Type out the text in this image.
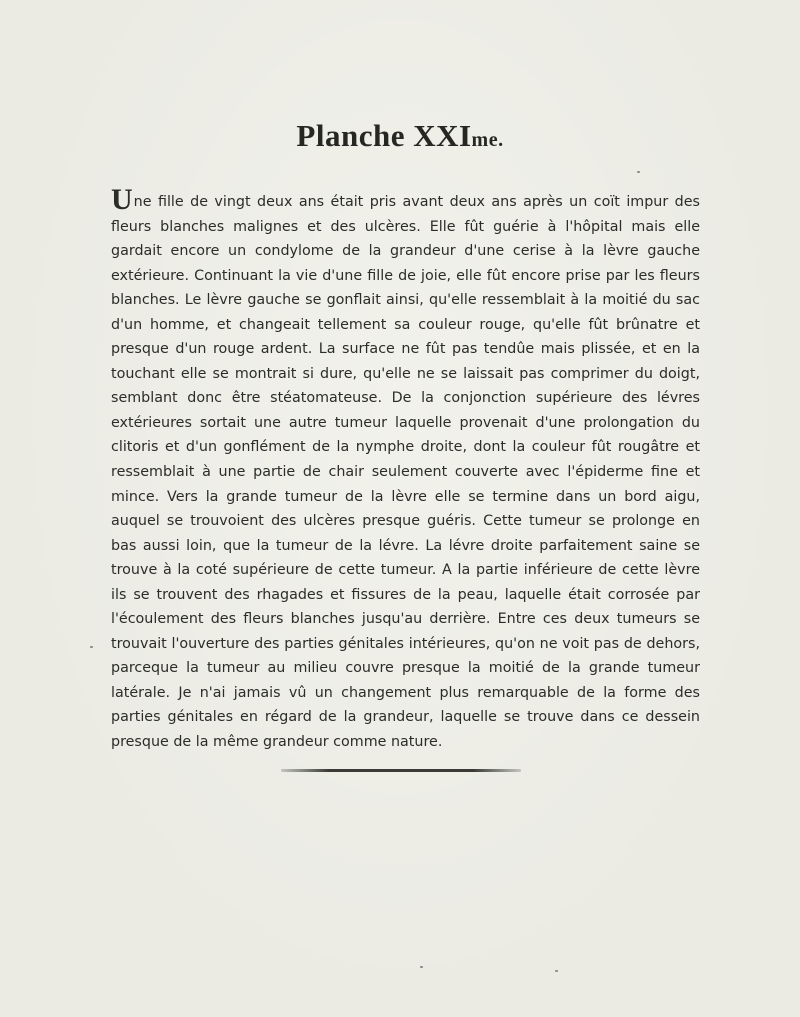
Planche XXIme.

Une fille de vingt deux ans était pris avant deux ans après un coït impur des fleurs blanches malignes et des ulcères. Elle fût guérie à l'hôpital mais elle gardait encore un condylome de la grandeur d'une cerise à la lèvre gauche extérieure. Continuant la vie d'une fille de joie, elle fût encore prise par les fleurs blanches. Le lèvre gauche se gonflait ainsi, qu'elle ressemblait à la moitié du sac d'un homme, et changeait tellement sa couleur rouge, qu'elle fût brûnatre et presque d'un rouge ardent. La surface ne fût pas tendûe mais plissée, et en la touchant elle se montrait si dure, qu'elle ne se laissait pas comprimer du doigt, semblant donc être stéatomateuse. De la conjonction supérieure des lévres extérieures sortait une autre tumeur laquelle provenait d'une prolongation du clitoris et d'un gonflément de la nymphe droite, dont la couleur fût rougâtre et ressemblait à une partie de chair seulement couverte avec l'épiderme fine et mince. Vers la grande tumeur de la lèvre elle se termine dans un bord aigu, auquel se trouvoient des ulcères presque guéris. Cette tumeur se prolonge en bas aussi loin, que la tumeur de la lévre. La lévre droite parfaitement saine se trouve à la coté supérieure de cette tumeur. A la partie inférieure de cette lèvre ils se trouvent des rhagades et fissures de la peau, laquelle était corrosée par l'écoulement des fleurs blanches jusqu'au derrière. Entre ces deux tumeurs se trouvait l'ouverture des parties génitales intérieures, qu'on ne voit pas de dehors, parceque la tumeur au milieu couvre presque la moitié de la grande tumeur latérale. Je n'ai jamais vû un changement plus remarquable de la forme des parties génitales en régard de la grandeur, laquelle se trouve dans ce dessein presque de la même grandeur comme nature.
